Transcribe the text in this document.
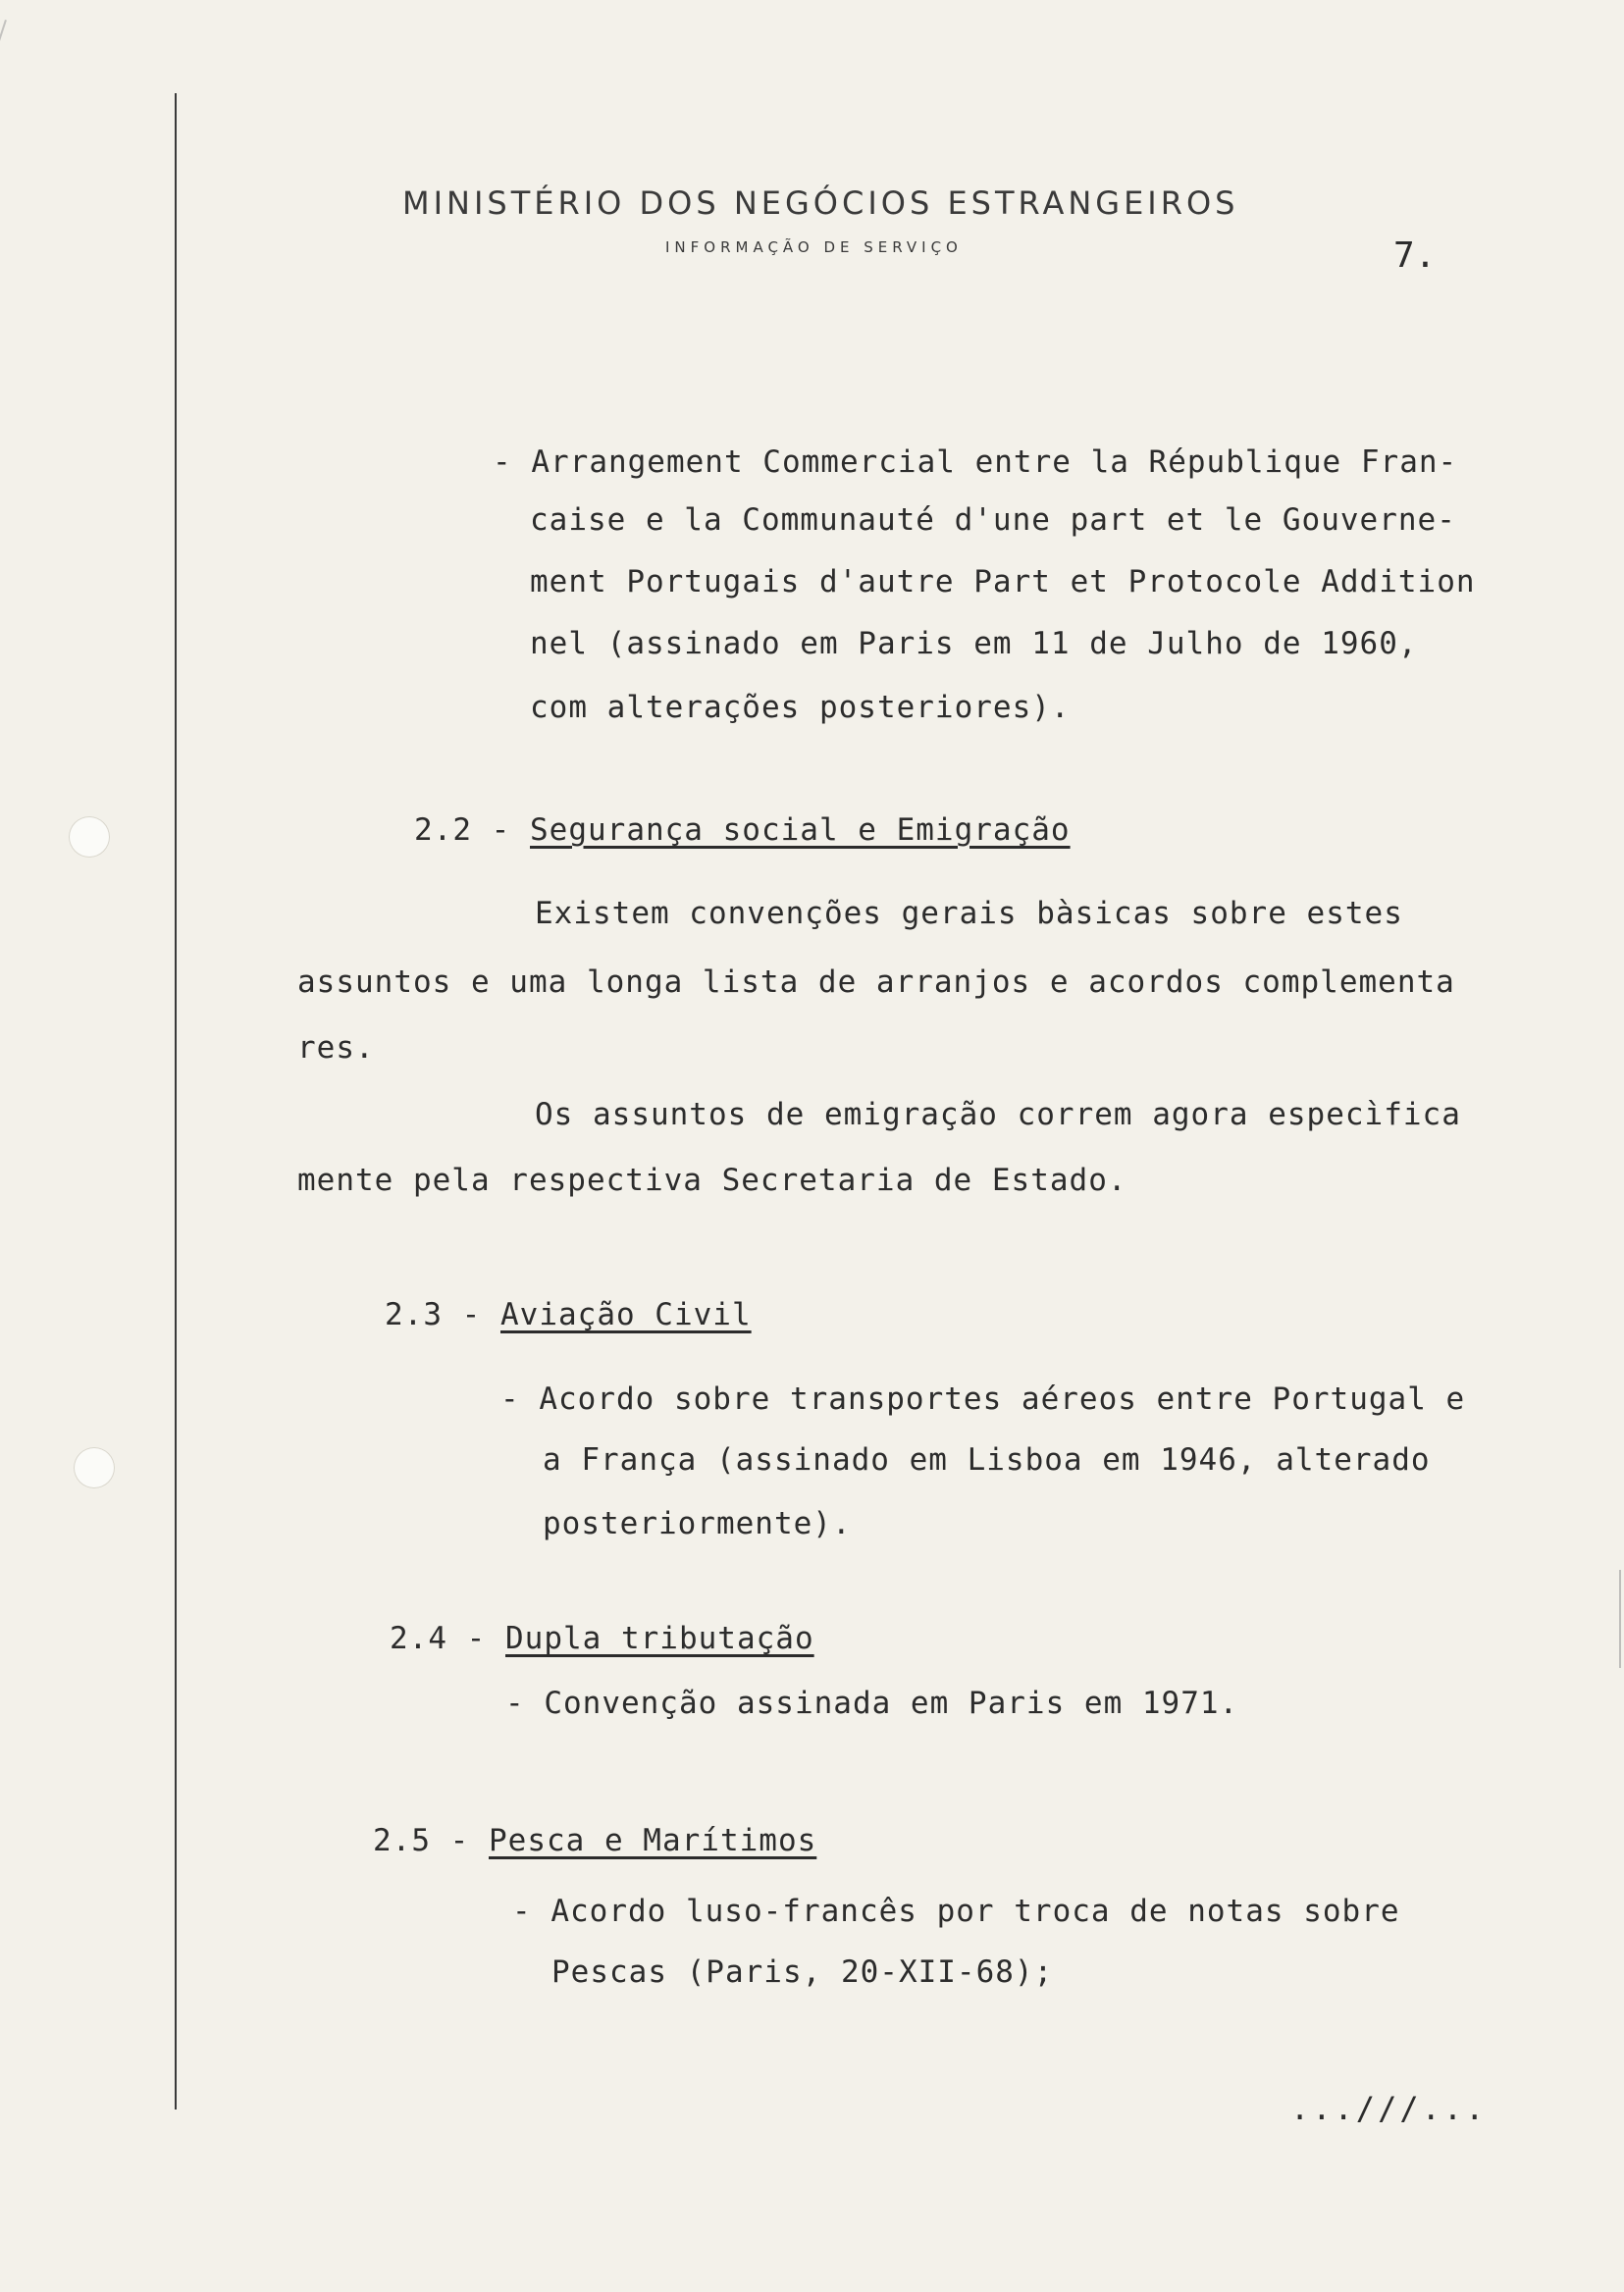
MINISTÉRIO DOS NEGÓCIOS ESTRANGEIROS
INFORMAÇÃO DE SERVIÇO	7.
- Arrangement Commercial entre la République Fran-
caise e la Communauté d'une part et le Gouverne-
ment Portugais d'autre Part et Protocole Addition
nel (assinado em Paris em 11 de Julho de 1960,
com alterações posteriores).
2.2 - Segurança social e Emigração
Existem convenções gerais bàsicas sobre estes
assuntos e uma longa lista de arranjos e acordos complementa
res.
Os assuntos de emigração correm agora especìfica
mente pela respectiva Secretaria de Estado.
2.3 - Aviação Civil
- Acordo sobre transportes aéreos entre Portugal e
a França (assinado em Lisboa em 1946, alterado
posteriormente).
2.4 - Dupla tributação
- Convenção assinada em Paris em 1971.
2.5 - Pesca e Marítimos
- Acordo luso-francês por troca de notas sobre
Pescas (Paris, 20-XII-68);
...///...
